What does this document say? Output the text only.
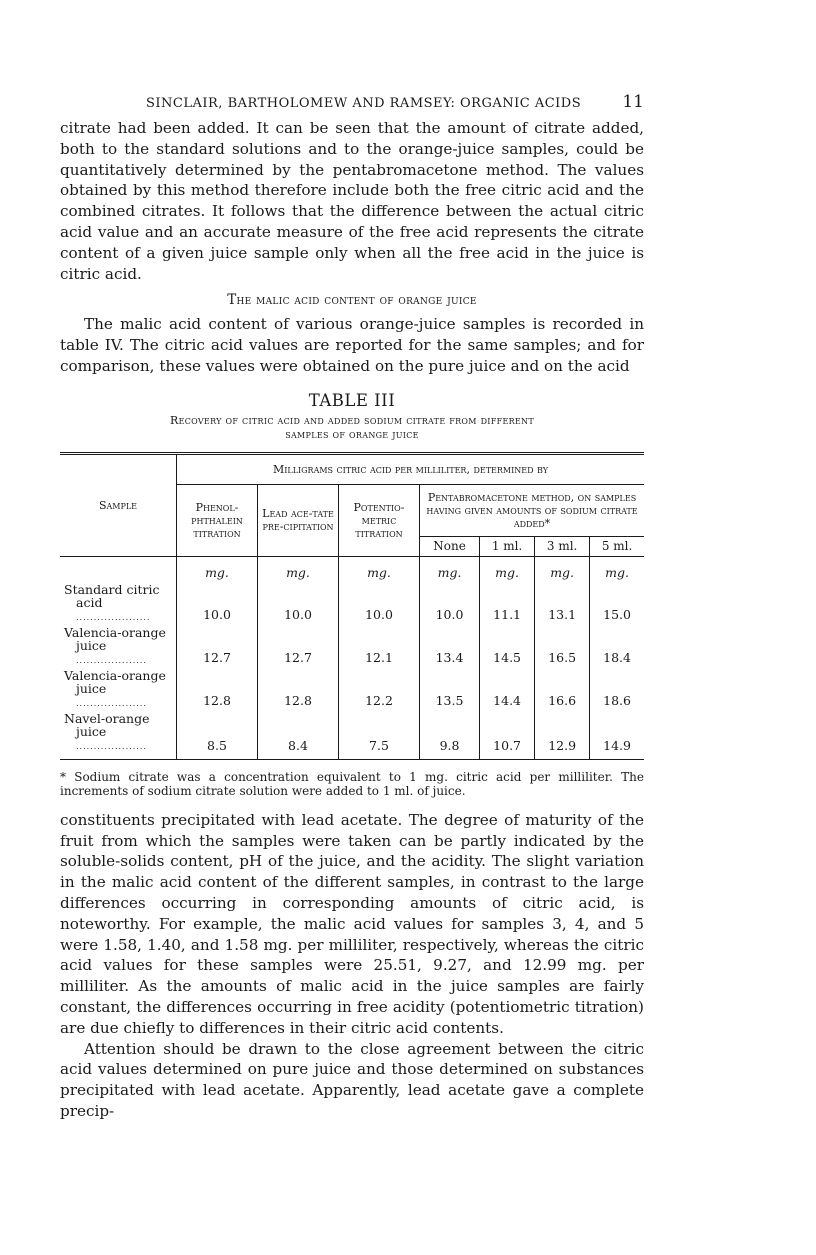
SINCLAIR, BARTHOLOMEW AND RAMSEY: ORGANIC ACIDS 11

citrate had been added. It can be seen that the amount of citrate added, both to the standard solutions and to the orange-juice samples, could be quantitatively determined by the pentabromacetone method. The values obtained by this method therefore include both the free citric acid and the combined citrates. It follows that the difference between the actual citric acid value and an accurate measure of the free acid represents the citrate content of a given juice sample only when all the free acid in the juice is citric acid.

The malic acid content of orange juice

The malic acid content of various orange-juice samples is recorded in table IV. The citric acid values are reported for the same samples; and for comparison, these values were obtained on the pure juice and on the acid

TABLE III
Recovery of citric acid and added sodium citrate from different
samples of orange juice
Sample	Milligrams citric acid per milliliter, determined by						
	Phenol-phthalein titration	Lead ace-tate pre-cipitation	Potentio-metric titration	Pentabromacetone method, on samples having given amounts of sodium citrate added*			
				None	1 ml.	3 ml.	5 ml.
	mg.	mg.	mg.	mg.	mg.	mg.	mg.

Standard citric
acid .....................	10.0	10.0	10.0	10.0	11.1	13.1	15.0

Valencia-orange
juice ....................	12.7	12.7	12.1	13.4	14.5	16.5	18.4

Valencia-orange
juice ....................	12.8	12.8	12.2	13.5	14.4	16.6	18.6

Navel-orange
juice ....................	8.5	8.4	7.5	9.8	10.7	12.9	14.9
* Sodium citrate was a concentration equivalent to 1 mg. citric acid per milliliter. The increments of sodium citrate solution were added to 1 ml. of juice.

constituents precipitated with lead acetate. The degree of maturity of the fruit from which the samples were taken can be partly indicated by the soluble-solids content, pH of the juice, and the acidity. The slight variation in the malic acid content of the different samples, in contrast to the large differences occurring in corresponding amounts of citric acid, is noteworthy. For example, the malic acid values for samples 3, 4, and 5 were 1.58, 1.40, and 1.58 mg. per milliliter, respectively, whereas the citric acid values for these samples were 25.51, 9.27, and 12.99 mg. per milliliter. As the amounts of malic acid in the juice samples are fairly constant, the differences occurring in free acidity (potentiometric titration) are due chiefly to differences in their citric acid contents.

Attention should be drawn to the close agreement between the citric acid values determined on pure juice and those determined on substances precipitated with lead acetate. Apparently, lead acetate gave a complete precip-
